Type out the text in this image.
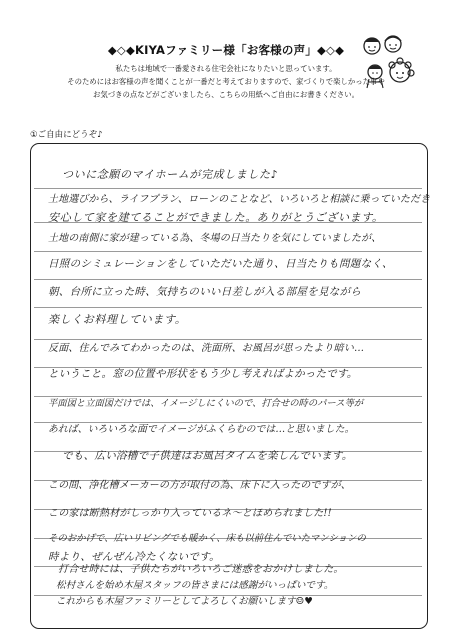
◆◇◆KIYAファミリー様「お客様の声」◆◇◆
私たちは地域で一番愛される住宅会社になりたいと思っています。
そのためにはお客様の声を聞くことが一番だと考えておりますので、家づくりで楽しかった事や
お気づきの点などがございましたら、こちらの用紙へご自由にお書きください。
①ご自由にどうぞ♪
ついに念願のマイホームが完成しました♪
土地選びから、ライフプラン、ローンのことなど、いろいろと相談に乗っていただき
安心して家を建てることができました。ありがとうございます。
土地の南側に家が建っている為、冬場の日当たりを気にしていましたが、
日照のシミュレーションをしていただいた通り、日当たりも問題なく、
朝、台所に立った時、気持ちのいい日差しが入る部屋を見ながら
楽しくお料理しています。
反面、住んでみてわかったのは、洗面所、お風呂が思ったより暗い…
ということ。窓の位置や形状をもう少し考えればよかったです。
平面図と立面図だけでは、イメージしにくいので、打合せの時のパース等が
あれば、いろいろな面でイメージがふくらむのでは…と思いました。
でも、広い浴槽で子供達はお風呂タイムを楽しんでいます。
この間、浄化槽メーカーの方が取付の為、床下に入ったのですが、
この家は断熱材がしっかり入っているネ〜とほめられました!!
そのおかげで、広いリビングでも暖かく、床も以前住んでいたマンションの
時より、ぜんぜん冷たくないです。
打合せ時には、子供たちがいろいろご迷惑をおかけしました。
松村さんを始め木屋スタッフの皆さまには感謝がいっぱいです。
これからも木屋ファミリーとしてよろしくお願いします☺♥
